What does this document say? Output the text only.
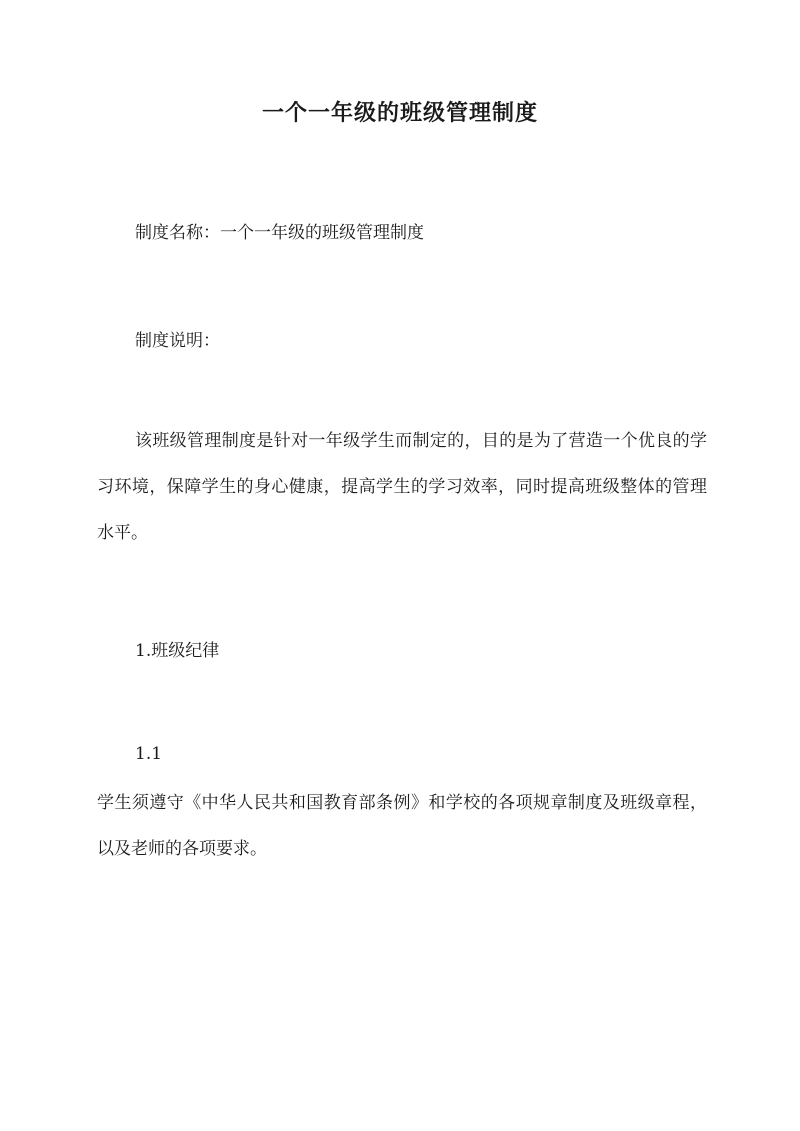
一个一年级的班级管理制度
制度名称：一个一年级的班级管理制度
制度说明：
该班级管理制度是针对一年级学生而制定的，目的是为了营造一个优良的学习环境，保障学生的身心健康，提高学生的学习效率，同时提高班级整体的管理水平。
1.班级纪律
1.1
学生须遵守《中华人民共和国教育部条例》和学校的各项规章制度及班级章程，以及老师的各项要求。
